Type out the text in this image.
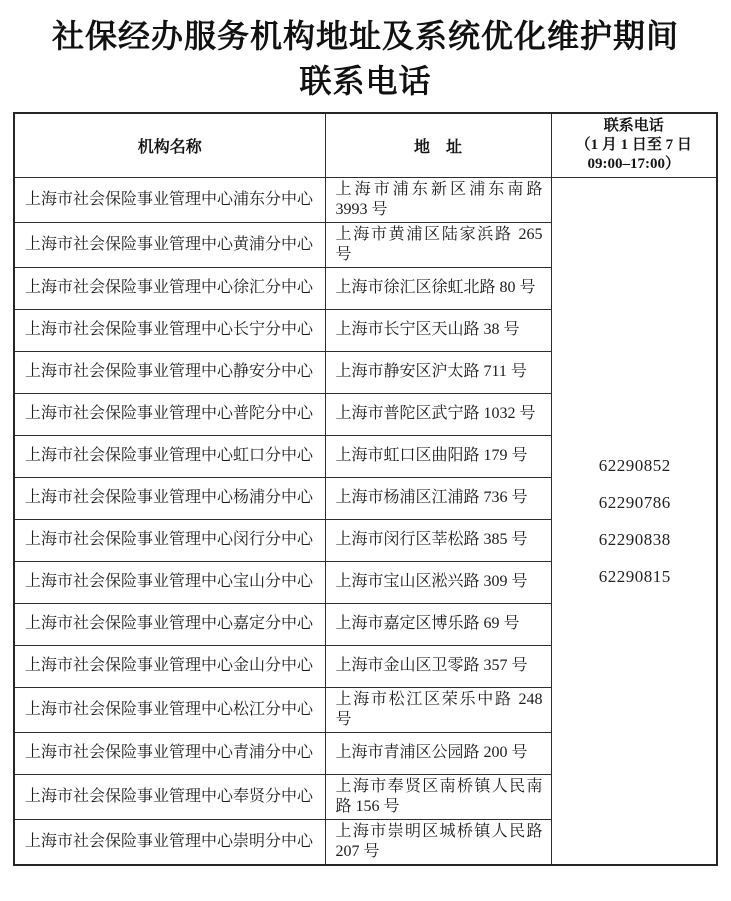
社保经办服务机构地址及系统优化维护期间
联系电话
机构名称	地　址	联系电话
（1 月 1 日至 7 日
09:00–17:00）

上海市社会保险事业管理中心浦东分中心	上海市浦东新区浦东南路 3993 号	62290852
62290786
62290838
62290815

上海市社会保险事业管理中心黄浦分中心	上海市黄浦区陆家浜路 265 号	
上海市社会保险事业管理中心徐汇分中心	上海市徐汇区徐虹北路 80 号	
上海市社会保险事业管理中心长宁分中心	上海市长宁区天山路 38 号	
上海市社会保险事业管理中心静安分中心	上海市静安区沪太路 711 号	
上海市社会保险事业管理中心普陀分中心	上海市普陀区武宁路 1032 号	
上海市社会保险事业管理中心虹口分中心	上海市虹口区曲阳路 179 号	
上海市社会保险事业管理中心杨浦分中心	上海市杨浦区江浦路 736 号	
上海市社会保险事业管理中心闵行分中心	上海市闵行区莘松路 385 号	
上海市社会保险事业管理中心宝山分中心	上海市宝山区淞兴路 309 号	
上海市社会保险事业管理中心嘉定分中心	上海市嘉定区博乐路 69 号	
上海市社会保险事业管理中心金山分中心	上海市金山区卫零路 357 号	
上海市社会保险事业管理中心松江分中心	上海市松江区荣乐中路 248 号	
上海市社会保险事业管理中心青浦分中心	上海市青浦区公园路 200 号	
上海市社会保险事业管理中心奉贤分中心	上海市奉贤区南桥镇人民南路 156 号	
上海市社会保险事业管理中心崇明分中心	上海市崇明区城桥镇人民路 207 号	
